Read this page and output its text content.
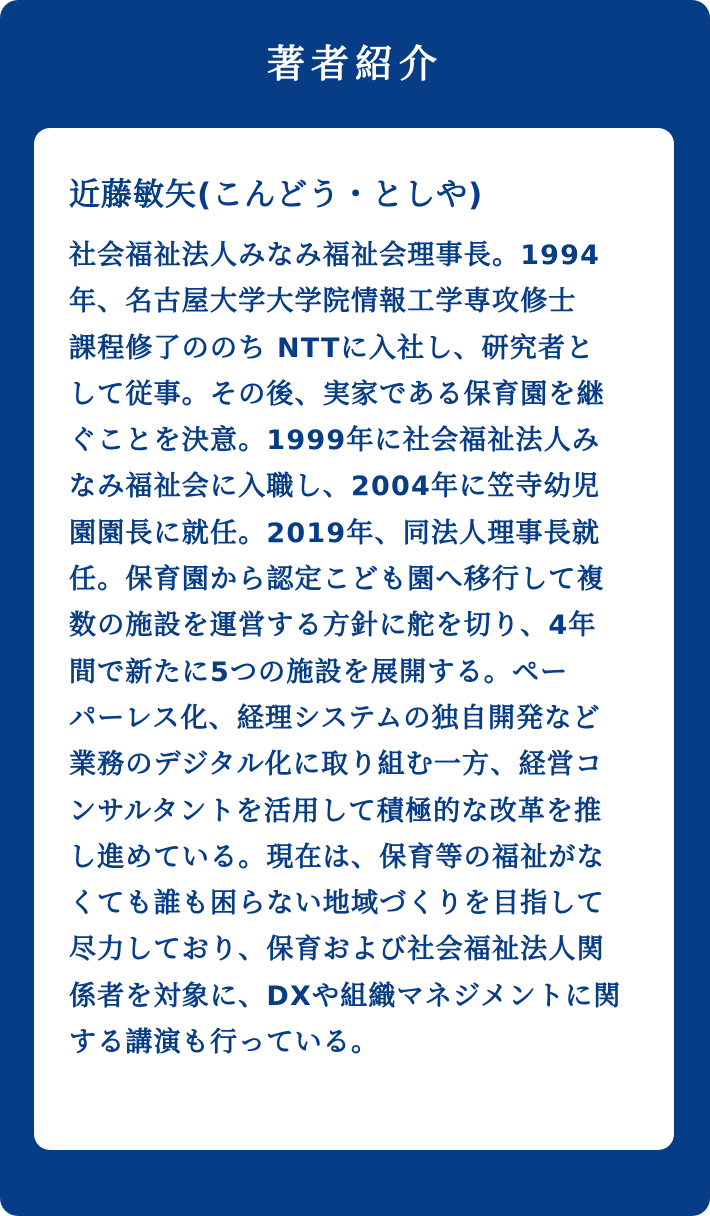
著者紹介
近藤敏矢(こんどう・としや)
社会福祉法人みなみ福祉会理事長。1994
年、名古屋大学大学院情報工学専攻修士
課程修了ののち NTTに入社し、研究者と
して従事。その後、実家である保育園を継
ぐことを決意。1999年に社会福祉法人み
なみ福祉会に入職し、2004年に笠寺幼児
園園長に就任。2019年、同法人理事長就
任。保育園から認定こども園へ移行して複
数の施設を運営する方針に舵を切り、4年
間で新たに5つの施設を展開する。ペー
パーレス化、経理システムの独自開発など
業務のデジタル化に取り組む一方、経営コ
ンサルタントを活用して積極的な改革を推
し進めている。現在は、保育等の福祉がな
くても誰も困らない地域づくりを目指して
尽力しており、保育および社会福祉法人関
係者を対象に、DXや組織マネジメントに関
する講演も行っている。
